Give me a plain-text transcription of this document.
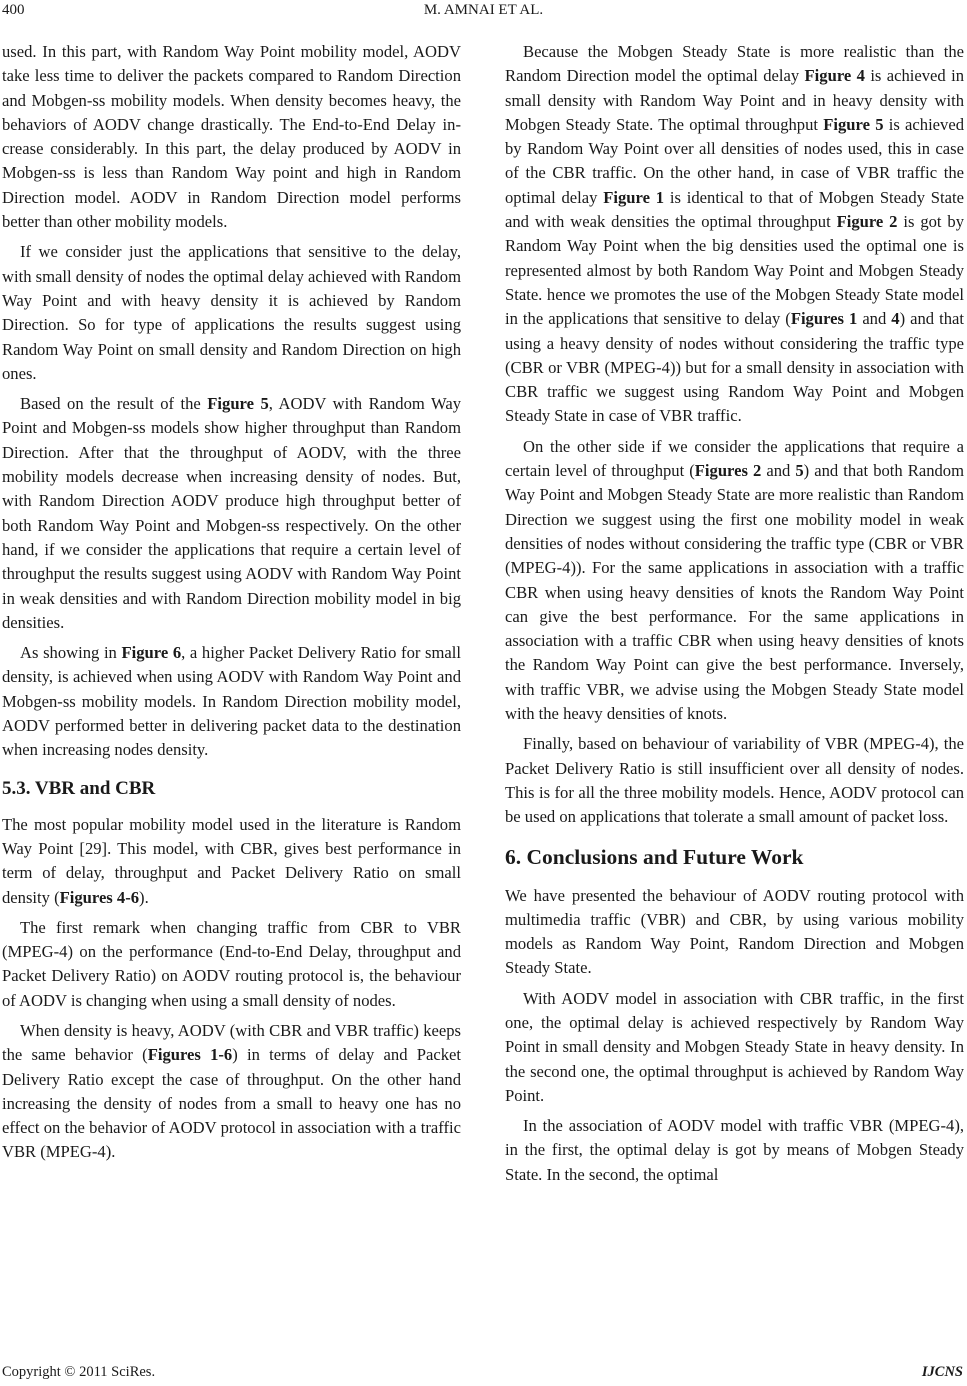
400	M. AMNAI ET AL.

used. In this part, with Random Way Point mobility model, AODV take less time to deliver the packets compared to Random Direction and Mobgen-ss mobility models. When density becomes heavy, the behaviors of AODV change drastically. The End-to-End Delay increase considerably. In this part, the delay produced by AODV in Mobgen-ss is less than Random Way point and high in Random Direction model. AODV in Random Direction model performs better than other mobility models.

If we consider just the applications that sensitive to the delay, with small density of nodes the optimal delay achieved with Random Way Point and with heavy density it is achieved by Random Direction. So for type of applications the results suggest using Random Way Point on small density and Random Direction on high ones.

Based on the result of the Figure 5, AODV with Random Way Point and Mobgen-ss models show higher throughput than Random Direction. After that the throughput of AODV, with the three mobility models decrease when increasing density of nodes. But, with Random Direction AODV produce high throughput better of both Random Way Point and Mobgen-ss respectively. On the other hand, if we consider the applications that require a certain level of throughput the results suggest using AODV with Random Way Point in weak densities and with Random Direction mobility model in big densities.

As showing in Figure 6, a higher Packet Delivery Ratio for small density, is achieved when using AODV with Random Way Point and Mobgen-ss mobility models. In Random Direction mobility model, AODV performed better in delivering packet data to the destination when increasing nodes density.

5.3. VBR and CBR

The most popular mobility model used in the literature is Random Way Point [29]. This model, with CBR, gives best performance in term of delay, throughput and Packet Delivery Ratio on small density (Figures 4-6).

The first remark when changing traffic from CBR to VBR (MPEG-4) on the performance (End-to-End Delay, throughput and Packet Delivery Ratio) on AODV routing protocol is, the behaviour of AODV is changing when using a small density of nodes.

When density is heavy, AODV (with CBR and VBR traffic) keeps the same behavior (Figures 1-6) in terms of delay and Packet Delivery Ratio except the case of throughput. On the other hand increasing the density of nodes from a small to heavy one has no effect on the behavior of AODV protocol in association with a traffic VBR (MPEG-4).

Because the Mobgen Steady State is more realistic than the Random Direction model the optimal delay Figure 4 is achieved in small density with Random Way Point and in heavy density with Mobgen Steady State. The optimal throughput Figure 5 is achieved by Random Way Point over all densities of nodes used, this in case of the CBR traffic. On the other hand, in case of VBR traffic the optimal delay Figure 1 is identical to that of Mobgen Steady State and with weak densities the optimal throughput Figure 2 is got by Random Way Point when the big densities used the optimal one is represented almost by both Random Way Point and Mobgen Steady State. hence we promotes the use of the Mobgen Steady State model in the applications that sensitive to delay (Figures 1 and 4) and that using a heavy density of nodes without considering the traffic type (CBR or VBR (MPEG-4)) but for a small density in association with CBR traffic we suggest using Random Way Point and Mobgen Steady State in case of VBR traffic.

On the other side if we consider the applications that require a certain level of throughput (Figures 2 and 5) and that both Random Way Point and Mobgen Steady State are more realistic than Random Direction we suggest using the first one mobility model in weak densities of nodes without considering the traffic type (CBR or VBR (MPEG-4)). For the same applications in association with a traffic CBR when using heavy densities of knots the Random Way Point can give the best performance. For the same applications in association with a traffic CBR when using heavy densities of knots the Random Way Point can give the best performance. Inversely, with traffic VBR, we advise using the Mobgen Steady State model with the heavy densities of knots.

Finally, based on behaviour of variability of VBR (MPEG-4), the Packet Delivery Ratio is still insufficient over all density of nodes. This is for all the three mobility models. Hence, AODV protocol can be used on applications that tolerate a small amount of packet loss.

6. Conclusions and Future Work

We have presented the behaviour of AODV routing protocol with multimedia traffic (VBR) and CBR, by using various mobility models as Random Way Point, Random Direction and Mobgen Steady State.

With AODV model in association with CBR traffic, in the first one, the optimal delay is achieved respectively by Random Way Point in small density and Mobgen Steady State in heavy density. In the second one, the optimal throughput is achieved by Random Way Point.

In the association of AODV model with traffic VBR (MPEG-4), in the first, the optimal delay is got by means of Mobgen Steady State. In the second, the optimal

Copyright © 2011 SciRes.	IJCNS
